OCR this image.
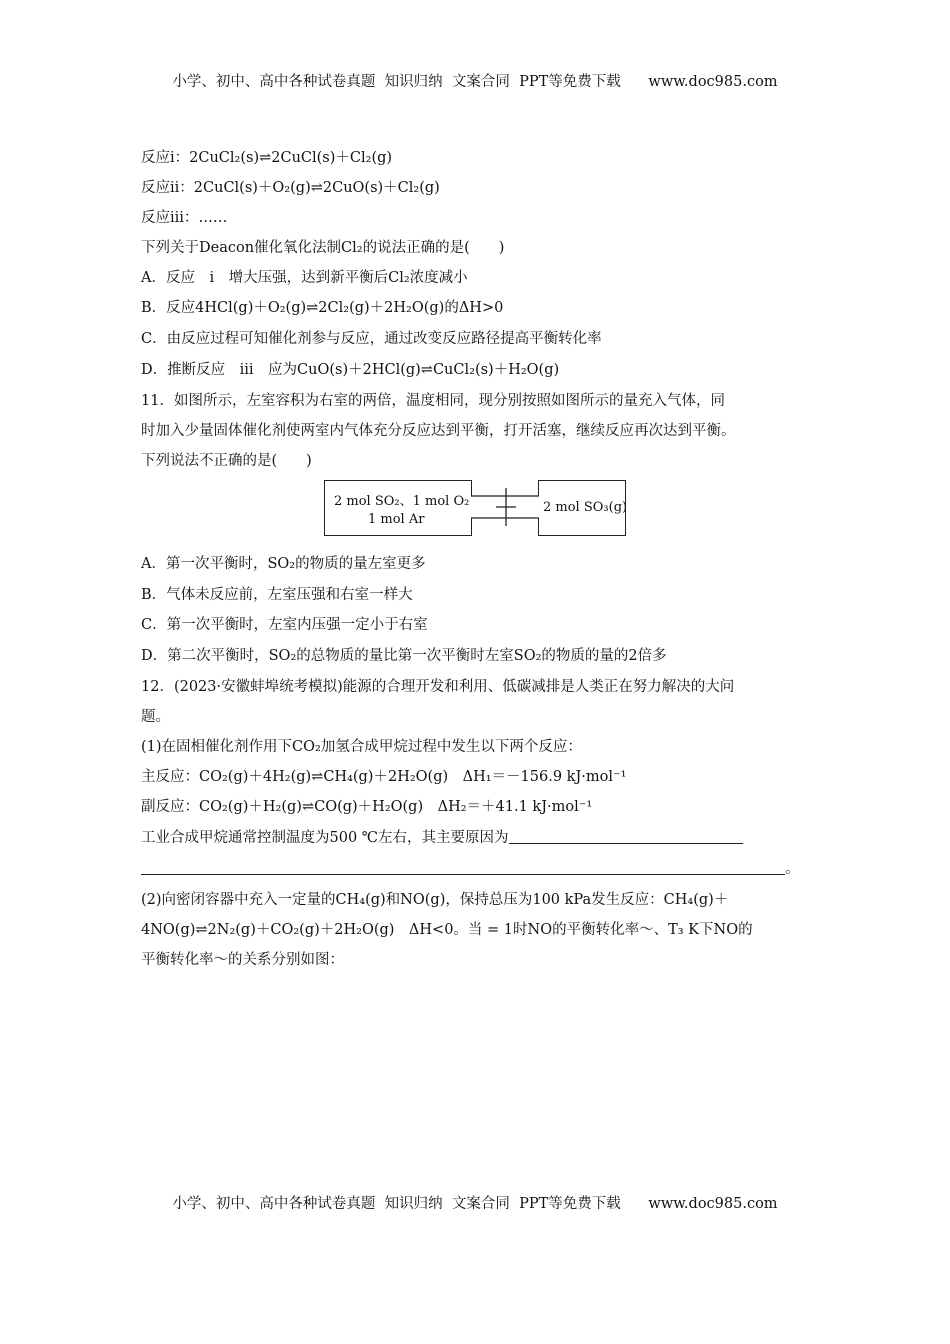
小学、初中、高中各种试卷真题  知识归纳  文案合同  PPT等免费下载      www.doc985.com
反应ⅰ：2CuCl₂(s)⇌2CuCl(s)＋Cl₂(g)
反应ⅱ：2CuCl(s)＋O₂(g)⇌2CuO(s)＋Cl₂(g)
反应ⅲ：……
下列关于Deacon催化氧化法制Cl₂的说法正确的是(　　)
A．反应　ⅰ　增大压强，达到新平衡后Cl₂浓度减小
B．反应4HCl(g)＋O₂(g)⇌2Cl₂(g)＋2H₂O(g)的ΔH>0
C．由反应过程可知催化剂参与反应，通过改变反应路径提高平衡转化率
D．推断反应　ⅲ　应为CuO(s)＋2HCl(g)⇌CuCl₂(s)＋H₂O(g)
11．如图所示，左室容积为右室的两倍，温度相同，现分别按照如图所示的量充入气体，同
时加入少量固体催化剂使两室内气体充分反应达到平衡，打开活塞，继续反应再次达到平衡。
下列说法不正确的是(　　)
2 mol SO₂、1 mol O₂
1 mol Ar
2 mol SO₃(g)
A．第一次平衡时，SO₂的物质的量左室更多
B．气体未反应前，左室压强和右室一样大
C．第一次平衡时，左室内压强一定小于右室
D．第二次平衡时，SO₂的总物质的量比第一次平衡时左室SO₂的物质的量的2倍多
12．(2023·安徽蚌埠统考模拟)能源的合理开发和利用、低碳减排是人类正在努力解决的大问
题。
(1)在固相催化剂作用下CO₂加氢合成甲烷过程中发生以下两个反应：
主反应：CO₂(g)＋4H₂(g)⇌CH₄(g)＋2H₂O(g)　ΔH₁＝－156.9 kJ·mol⁻¹
副反应：CO₂(g)＋H₂(g)⇌CO(g)＋H₂O(g)　ΔH₂＝＋41.1 kJ·mol⁻¹
工业合成甲烷通常控制温度为500 ℃左右，其主要原因为
。
(2)向密闭容器中充入一定量的CH₄(g)和NO(g)，保持总压为100 kPa发生反应：CH₄(g)＋
4NO(g)⇌2N₂(g)＋CO₂(g)＋2H₂O(g)　ΔH<0。当 = 1时NO的平衡转化率～、T₃ K下NO的
平衡转化率～的关系分别如图：
小学、初中、高中各种试卷真题  知识归纳  文案合同  PPT等免费下载      www.doc985.com
